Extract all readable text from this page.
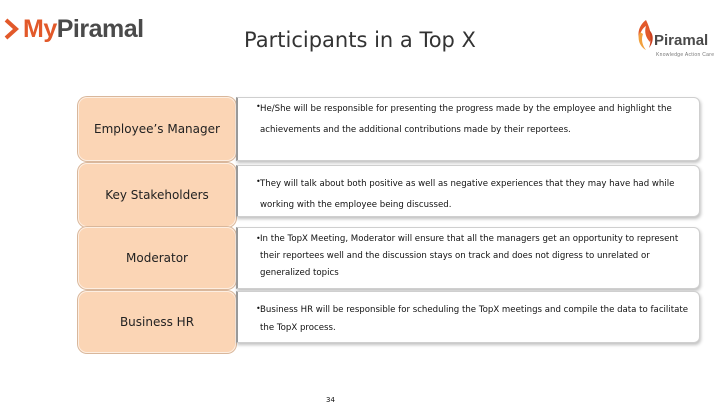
MyPiramal	Participants in a Top X	Piramal
Knowledge Action Care
Employee’s Manager
• He/She will be responsible for presenting the progress made by the employee and highlight the achievements and the additional contributions made by their reportees.

Key Stakeholders
• They will talk about both positive as well as negative experiences that they may have had while working with the employee being discussed.

Moderator
• In the TopX Meeting, Moderator will ensure that all the managers get an opportunity to represent their reportees well and the discussion stays on track and does not digress to unrelated or generalized topics

Business HR
• Business HR will be responsible for scheduling the TopX meetings and compile the data to facilitate the TopX process.

34
